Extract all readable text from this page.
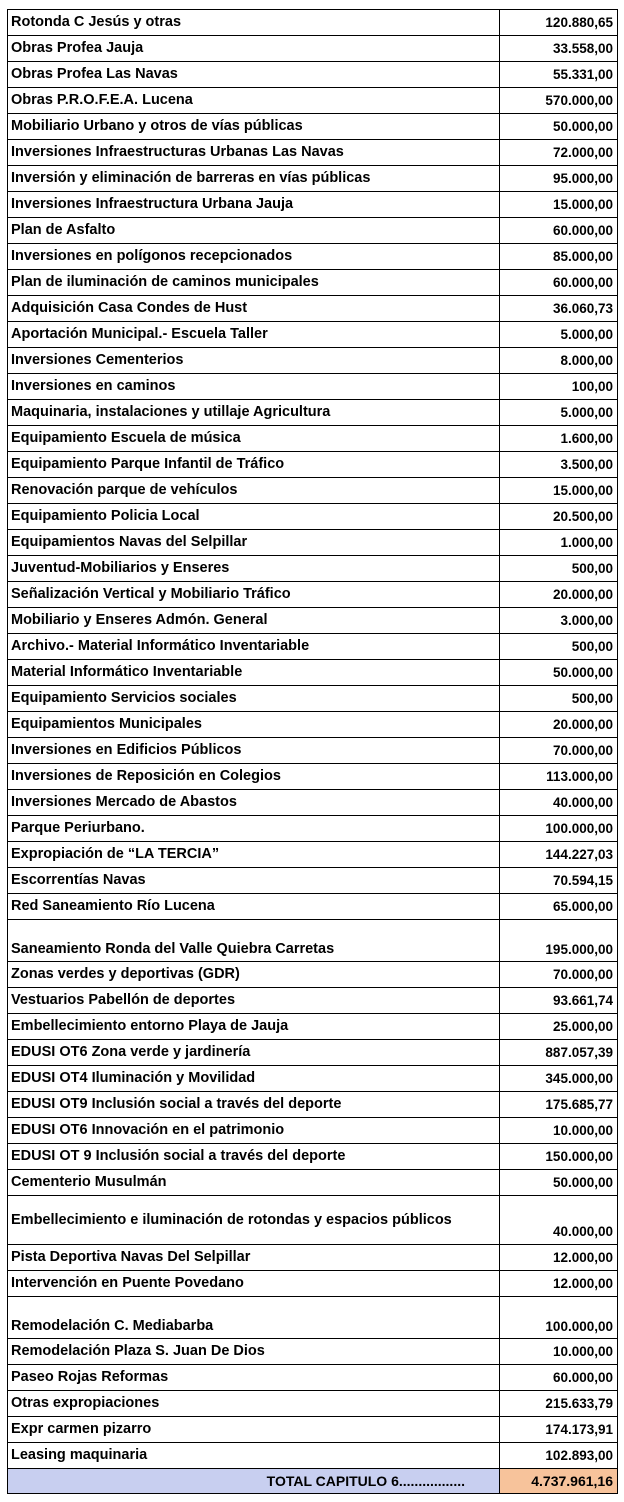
Rotonda C Jesús y otras	120.880,65
Obras Profea Jauja	33.558,00
Obras Profea Las Navas	55.331,00
Obras P.R.O.F.E.A. Lucena	570.000,00
Mobiliario Urbano y otros de vías públicas	50.000,00
Inversiones Infraestructuras Urbanas Las Navas	72.000,00
Inversión y eliminación de barreras en vías públicas	95.000,00
Inversiones Infraestructura Urbana Jauja	15.000,00
Plan de Asfalto	60.000,00
Inversiones en polígonos recepcionados	85.000,00
Plan de iluminación de caminos municipales	60.000,00
Adquisición Casa Condes de Hust	36.060,73
Aportación Municipal.- Escuela Taller	5.000,00
Inversiones Cementerios	8.000,00
Inversiones en caminos	100,00
Maquinaria, instalaciones y utillaje Agricultura	5.000,00
Equipamiento Escuela de música	1.600,00
Equipamiento Parque Infantil de Tráfico	3.500,00
Renovación parque de vehículos	15.000,00
Equipamiento Policia Local	20.500,00
Equipamientos Navas del Selpillar	1.000,00
Juventud-Mobiliarios y Enseres	500,00
Señalización Vertical y Mobiliario Tráfico	20.000,00
Mobiliario y Enseres Admón. General	3.000,00
Archivo.- Material Informático Inventariable	500,00
Material Informático Inventariable	50.000,00
Equipamiento Servicios sociales	500,00
Equipamientos Municipales	20.000,00
Inversiones en Edificios Públicos	70.000,00
Inversiones de Reposición en Colegios	113.000,00
Inversiones Mercado de Abastos	40.000,00
Parque Periurbano.	100.000,00
Expropiación de “LA TERCIA”	144.227,03
Escorrentías Navas	70.594,15
Red Saneamiento Río Lucena	65.000,00
Saneamiento Ronda del Valle Quiebra Carretas	195.000,00
Zonas verdes y deportivas (GDR)	70.000,00
Vestuarios Pabellón de deportes	93.661,74
Embellecimiento entorno Playa de Jauja	25.000,00
EDUSI OT6 Zona verde y jardinería	887.057,39
EDUSI OT4 Iluminación y Movilidad	345.000,00
EDUSI OT9 Inclusión social a través del deporte	175.685,77
EDUSI OT6 Innovación en el patrimonio	10.000,00
EDUSI OT 9 Inclusión social a través del deporte	150.000,00
Cementerio Musulmán	50.000,00
Embellecimiento e iluminación de rotondas y espacios públicos	40.000,00
Pista Deportiva Navas Del Selpillar	12.000,00
Intervención en Puente Povedano	12.000,00
Remodelación C. Mediabarba	100.000,00
Remodelación Plaza S. Juan De Dios	10.000,00
Paseo Rojas Reformas	60.000,00
Otras expropiaciones	215.633,79
Expr carmen pizarro	174.173,91
Leasing maquinaria	102.893,00
TOTAL CAPITULO 6.................	4.737.961,16
